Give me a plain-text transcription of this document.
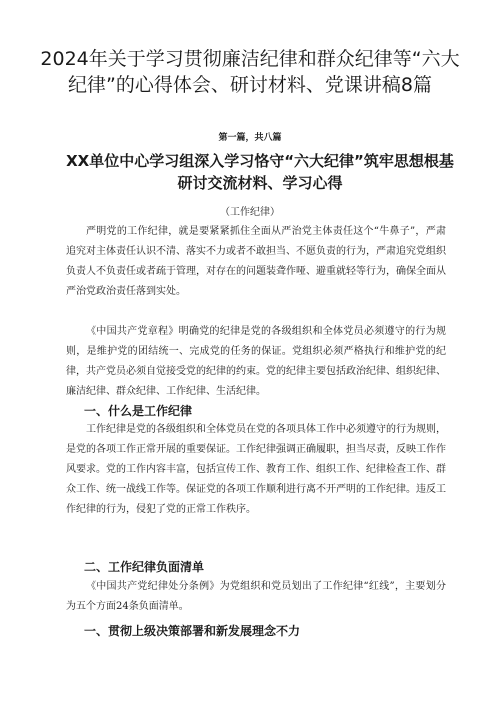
2024年关于学习贯彻廉洁纪律和群众纪律等“六大
纪律”的心得体会、研讨材料、党课讲稿8篇
第一篇，共八篇
XX单位中心学习组深入学习恪守“六大纪律”筑牢思想根基
研讨交流材料、学习心得
（工作纪律）

严明党的工作纪律，就是要紧紧抓住全面从严治党主体责任这个“牛鼻子”，严肃追究对主体责任认识不清、落实不力或者不敢担当、不愿负责的行为，严肃追究党组织负责人不负责任或者疏于管理，对存在的问题装聋作哑、避重就轻等行为，确保全面从严治党政治责任落到实处。

《中国共产党章程》明确党的纪律是党的各级组织和全体党员必须遵守的行为规则，是维护党的团结统一、完成党的任务的保证。党组织必须严格执行和维护党的纪律，共产党员必须自觉接受党的纪律的约束。党的纪律主要包括政治纪律、组织纪律、廉洁纪律、群众纪律、工作纪律、生活纪律。

一、什么是工作纪律

工作纪律是党的各级组织和全体党员在党的各项具体工作中必须遵守的行为规则，是党的各项工作正常开展的重要保证。工作纪律强调正确履职，担当尽责，反映工作作风要求。党的工作内容丰富，包括宣传工作、教育工作、组织工作、纪律检查工作、群众工作、统一战线工作等。保证党的各项工作顺利进行离不开严明的工作纪律。违反工作纪律的行为，侵犯了党的正常工作秩序。

二、工作纪律负面清单

《中国共产党纪律处分条例》为党组织和党员划出了工作纪律“红线”，主要划分为五个方面24条负面清单。

一、贯彻上级决策部署和新发展理念不力
